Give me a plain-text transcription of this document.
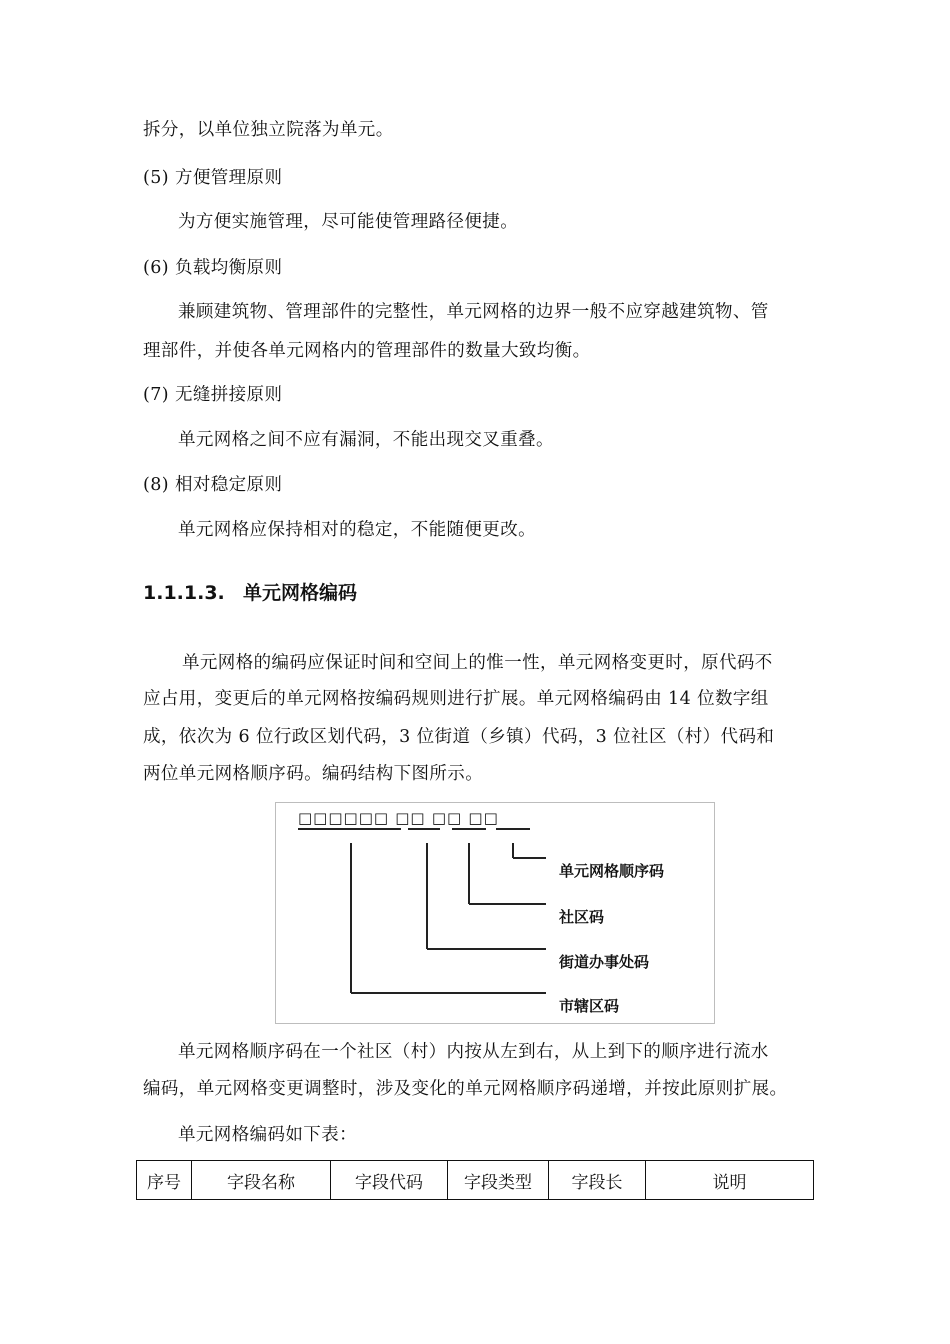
拆分，以单位独立院落为单元。
(5) 方便管理原则
为方便实施管理，尽可能使管理路径便捷。
(6) 负载均衡原则
兼顾建筑物、管理部件的完整性，单元网格的边界一般不应穿越建筑物、管
理部件，并使各单元网格内的管理部件的数量大致均衡。
(7) 无缝拼接原则
单元网格之间不应有漏洞，不能出现交叉重叠。
(8) 相对稳定原则
单元网格应保持相对的稳定，不能随便更改。
1.1.1.3. 单元网格编码
单元网格的编码应保证时间和空间上的惟一性，单元网格变更时，原代码不
应占用，变更后的单元网格按编码规则进行扩展。单元网格编码由 14 位数字组
成，依次为 6 位行政区划代码，3 位街道（乡镇）代码，3 位社区（村）代码和
两位单元网格顺序码。编码结构下图所示。
□□□□□□ □□ □□ □□
单元网格顺序码
社区码
街道办事处码
市辖区码
单元网格顺序码在一个社区（村）内按从左到右，从上到下的顺序进行流水
编码，单元网格变更调整时，涉及变化的单元网格顺序码递增，并按此原则扩展。
单元网格编码如下表：
序号	字段名称	字段代码	字段类型	字段长	说明
